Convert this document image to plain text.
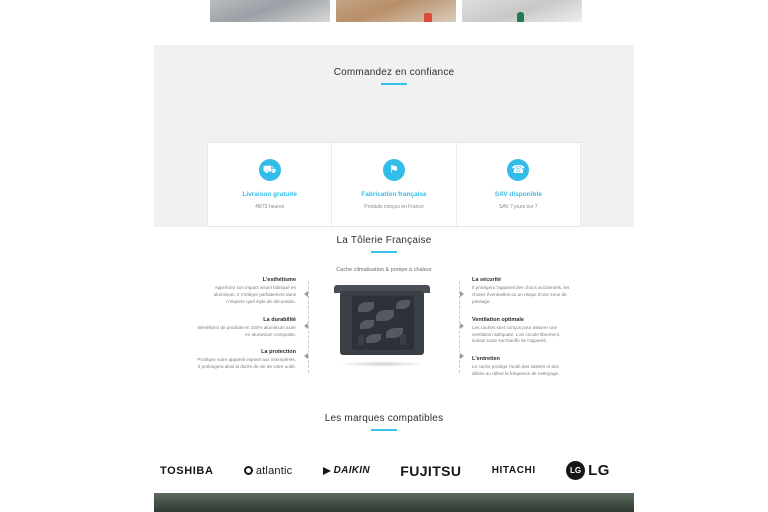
Commandez en confiance
⛟
Livraison gratuite
48/72 heures
⚑
Fabrication française
Produits conçus en France
☎
SAV disponible
SAV 7 jours sur 7
La Tôlerie Française
Cache climatisation & pompe à chaleur
L'esthétisme
Appréciez son impact visuel fabriqué en aluminium. Il s'intègre parfaitement dans n'importe quel style de décoration.
La durabilité
Bénéficiez de produits en 100% aluminium acier en aluminium composite.
La protection
Protégez votre appareil exposé aux intempéries. Il prolongera ainsi la durée de vie de votre unité.
La sécurité
Il protègera l'appareil des chocs accidentels, les chutes éventuelles ou un risque d'une zone de passage.
Ventilation optimale
Les caches sont conçus pour assurer une ventilation adéquate. L'air circule librement, évitant toute surchauffe de l'appareil.
L'entretien
Le cache protège l'unité des saletés et des débris au début la fréquence de nettoyage.
Les marques compatibles
TOSHIBA	atlantic	DAIKIN FUJITSU	HITACHI	LG LG
